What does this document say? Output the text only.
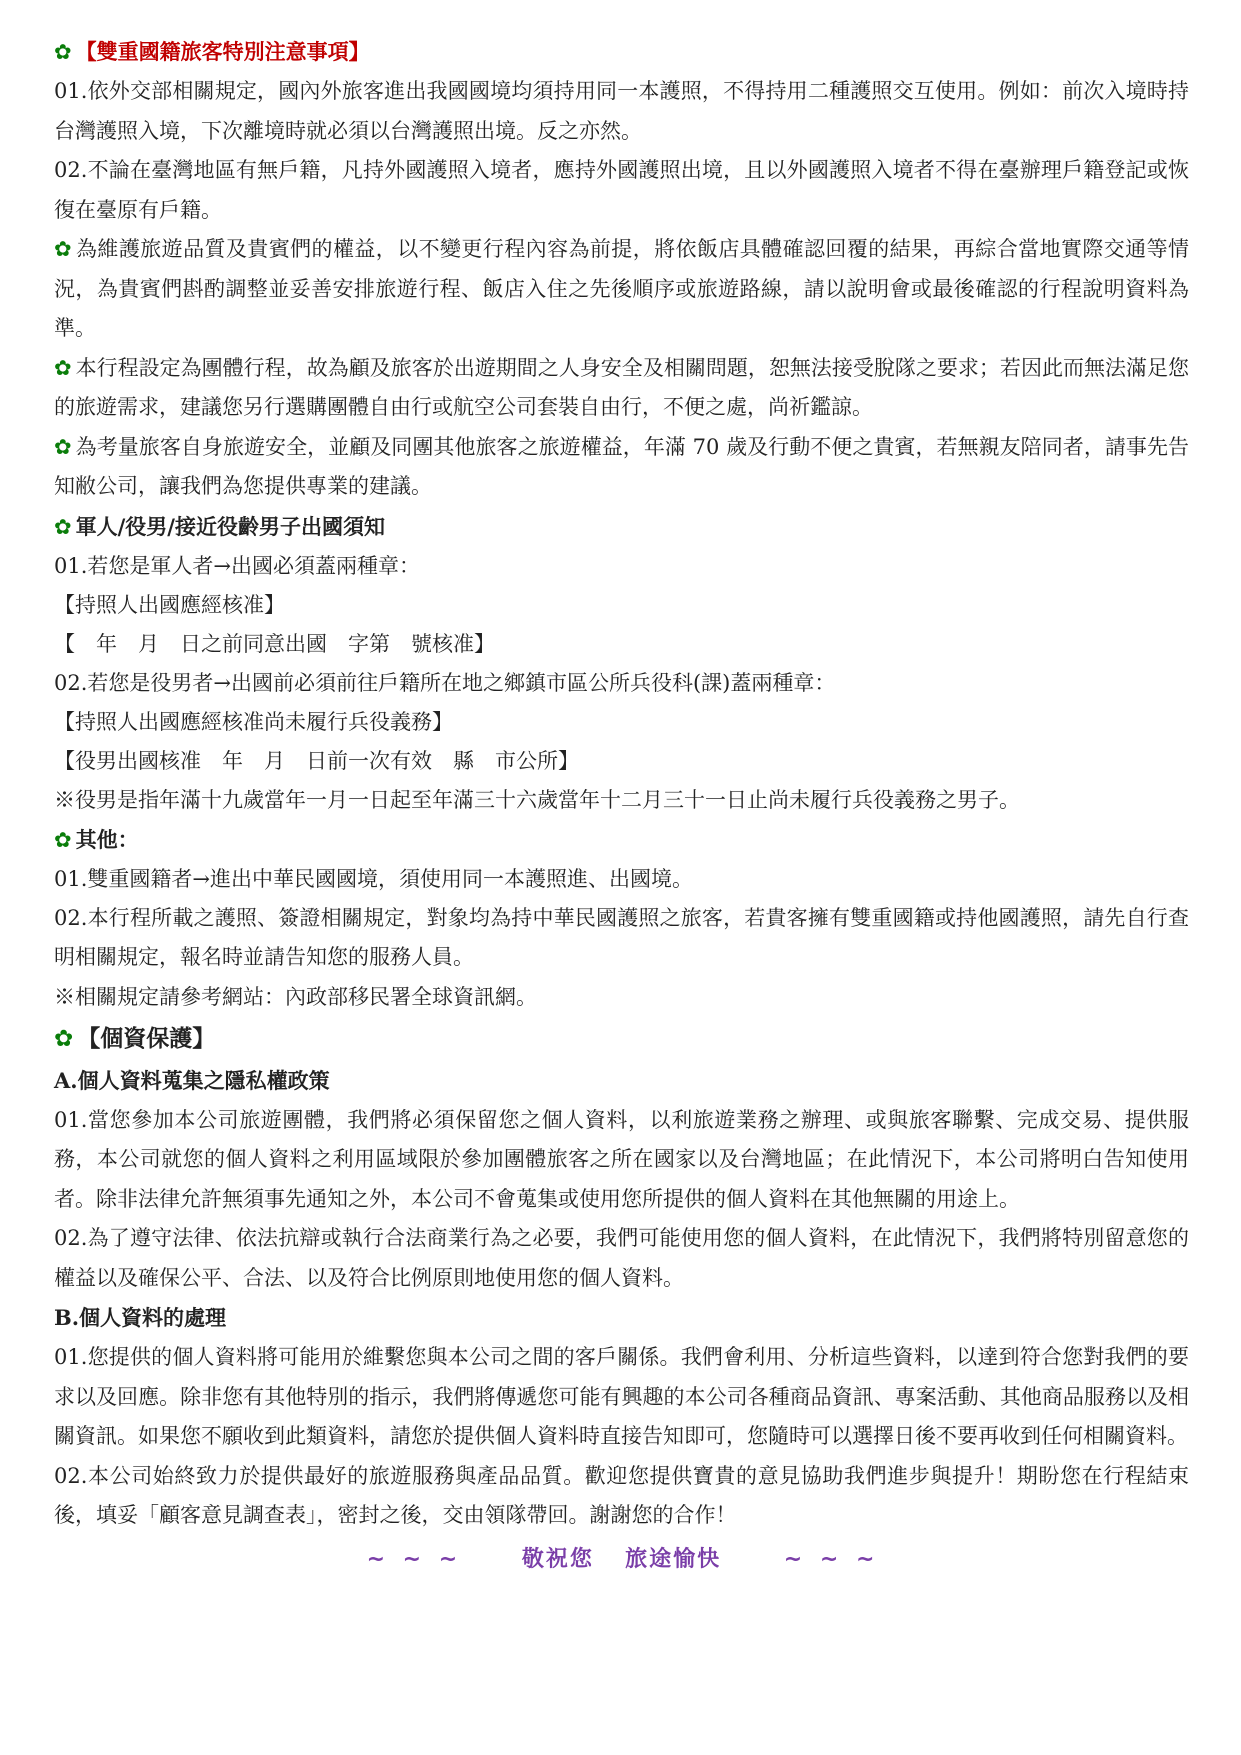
✿ 【雙重國籍旅客特別注意事項】

01.依外交部相關規定，國內外旅客進出我國國境均須持用同一本護照，不得持用二種護照交互使用。例如：前次入境時持台灣護照入境，下次離境時就必須以台灣護照出境。反之亦然。

02.不論在臺灣地區有無戶籍，凡持外國護照入境者，應持外國護照出境，且以外國護照入境者不得在臺辦理戶籍登記或恢復在臺原有戶籍。

✿ 為維護旅遊品質及貴賓們的權益，以不變更行程內容為前提，將依飯店具體確認回覆的結果，再綜合當地實際交通等情況，為貴賓們斟酌調整並妥善安排旅遊行程、飯店入住之先後順序或旅遊路線，請以說明會或最後確認的行程說明資料為準。

✿ 本行程設定為團體行程，故為顧及旅客於出遊期間之人身安全及相關問題，恕無法接受脫隊之要求；若因此而無法滿足您的旅遊需求，建議您另行選購團體自由行或航空公司套裝自由行，不便之處，尚祈鑑諒。

✿ 為考量旅客自身旅遊安全，並顧及同團其他旅客之旅遊權益，年滿 70 歲及行動不便之貴賓，若無親友陪同者，請事先告知敝公司，讓我們為您提供專業的建議。

✿ 軍人/役男/接近役齡男子出國須知

01.若您是軍人者→出國必須蓋兩種章：

【持照人出國應經核准】

【　年　月　日之前同意出國　字第　號核准】

02.若您是役男者→出國前必須前往戶籍所在地之鄉鎮市區公所兵役科(課)蓋兩種章：

【持照人出國應經核准尚未履行兵役義務】

【役男出國核准　年　月　日前一次有效　縣　市公所】

※役男是指年滿十九歲當年一月一日起至年滿三十六歲當年十二月三十一日止尚未履行兵役義務之男子。

✿ 其他：

01.雙重國籍者→進出中華民國國境，須使用同一本護照進、出國境。

02.本行程所載之護照、簽證相關規定，對象均為持中華民國護照之旅客，若貴客擁有雙重國籍或持他國護照，請先自行查明相關規定，報名時並請告知您的服務人員。

※相關規定請參考網站：內政部移民署全球資訊網。

✿ 【個資保護】

A.個人資料蒐集之隱私權政策

01.當您參加本公司旅遊團體，我們將必須保留您之個人資料，以利旅遊業務之辦理、或與旅客聯繫、完成交易、提供服務，本公司就您的個人資料之利用區域限於參加團體旅客之所在國家以及台灣地區；在此情況下，本公司將明白告知使用者。除非法律允許無須事先通知之外，本公司不會蒐集或使用您所提供的個人資料在其他無關的用途上。

02.為了遵守法律、依法抗辯或執行合法商業行為之必要，我們可能使用您的個人資料，在此情況下，我們將特別留意您的權益以及確保公平、合法、以及符合比例原則地使用您的個人資料。

B.個人資料的處理

01.您提供的個人資料將可能用於維繫您與本公司之間的客戶關係。我們會利用、分析這些資料，以達到符合您對我們的要求以及回應。除非您有其他特別的指示，我們將傳遞您可能有興趣的本公司各種商品資訊、專案活動、其他商品服務以及相關資訊。如果您不願收到此類資料，請您於提供個人資料時直接告知即可，您隨時可以選擇日後不要再收到任何相關資料。

02.本公司始終致力於提供最好的旅遊服務與產品品質。歡迎您提供寶貴的意見協助我們進步與提升！期盼您在行程結束後，填妥「顧客意見調查表」，密封之後，交由領隊帶回。謝謝您的合作！

~ ~ ~    敬祝您  旅途愉快    ~ ~ ~
